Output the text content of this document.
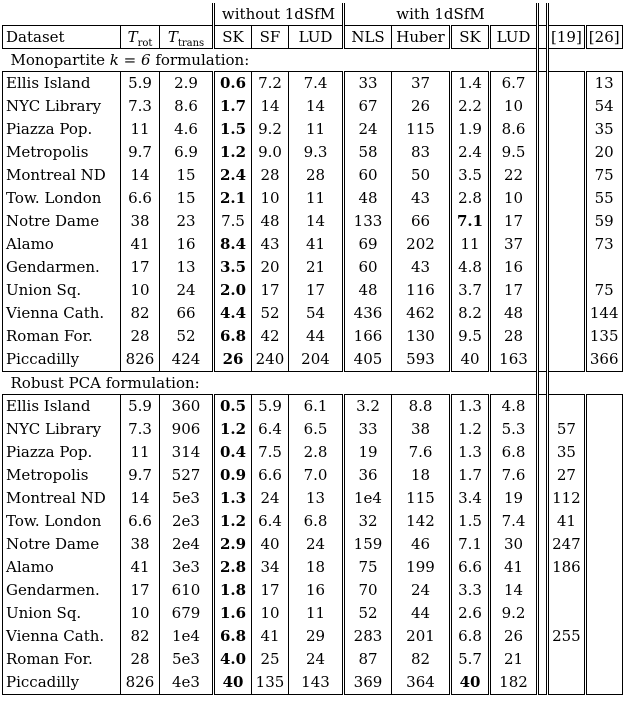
			without 1dSfM			with 1dSfM						
Dataset	$T_{rot}$	$T_{trans}$	SK	SF	LUD	NLS	Huber	SK	LUD		[19]	[26]
Monopartite k = 6 formulation:												
Ellis Island	5.9	2.9	0.6	7.2	7.4	33	37	1.4	6.7			13
NYC Library	7.3	8.6	1.7	14	14	67	26	2.2	10			54
Piazza Pop.	11	4.6	1.5	9.2	11	24	115	1.9	8.6			35
Metropolis	9.7	6.9	1.2	9.0	9.3	58	83	2.4	9.5			20
Montreal ND	14	15	2.4	28	28	60	50	3.5	22			75
Tow. London	6.6	15	2.1	10	11	48	43	2.8	10			55
Notre Dame	38	23	7.5	48	14	133	66	7.1	17			59
Alamo	41	16	8.4	43	41	69	202	11	37			73
Gendarmen.	17	13	3.5	20	21	60	43	4.8	16			
Union Sq.	10	24	2.0	17	17	48	116	3.7	17			75
Vienna Cath.	82	66	4.4	52	54	436	462	8.2	48			144
Roman For.	28	52	6.8	42	44	166	130	9.5	28			135
Piccadilly	826	424	26	240	204	405	593	40	163			366
Robust PCA formulation:												
Ellis Island	5.9	360	0.5	5.9	6.1	3.2	8.8	1.3	4.8			
NYC Library	7.3	906	1.2	6.4	6.5	33	38	1.2	5.3		57	
Piazza Pop.	11	314	0.4	7.5	2.8	19	7.6	1.3	6.8		35	
Metropolis	9.7	527	0.9	6.6	7.0	36	18	1.7	7.6		27	
Montreal ND	14	5e3	1.3	24	13	1e4	115	3.4	19		112	
Tow. London	6.6	2e3	1.2	6.4	6.8	32	142	1.5	7.4		41	
Notre Dame	38	2e4	2.9	40	24	159	46	7.1	30		247	
Alamo	41	3e3	2.8	34	18	75	199	6.6	41		186	
Gendarmen.	17	610	1.8	17	16	70	24	3.3	14			
Union Sq.	10	679	1.6	10	11	52	44	2.6	9.2			
Vienna Cath.	82	1e4	6.8	41	29	283	201	6.8	26		255	
Roman For.	28	5e3	4.0	25	24	87	82	5.7	21			
Piccadilly	826	4e3	40	135	143	369	364	40	182			
